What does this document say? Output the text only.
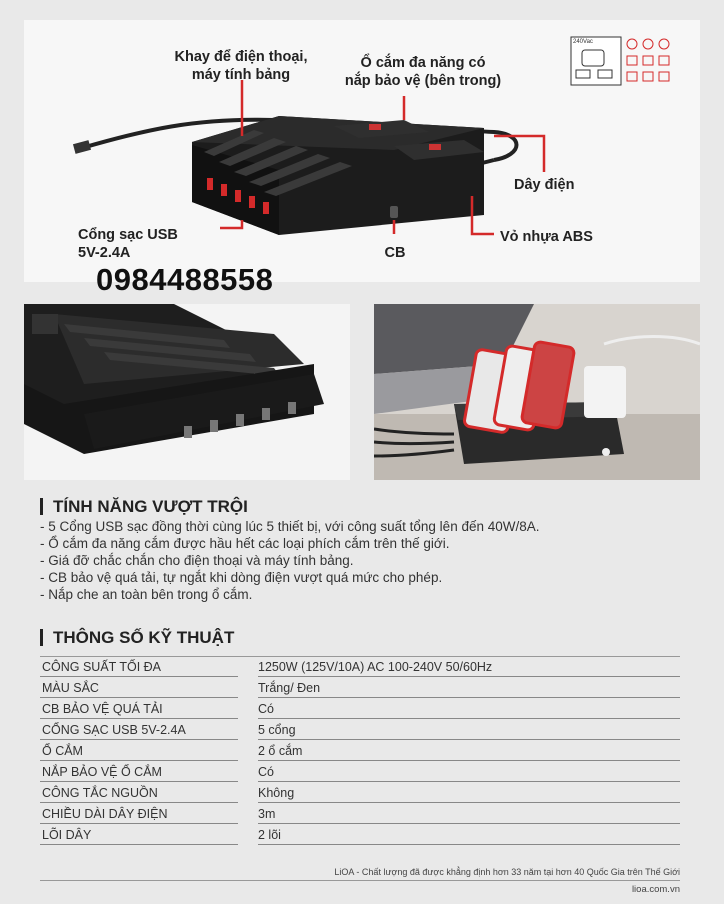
Khay để điện thoại,
máy tính bảng
Ổ cắm đa năng có
nắp bảo vệ (bên trong)
Dây điện
Cổng sạc USB
5V-2.4A	CB
Vỏ nhựa ABS
240Vac
0984488558
TÍNH NĂNG VƯỢT TRỘI
- 5 Cổng USB sạc đồng thời cùng lúc 5 thiết bị, với công suất tổng lên đến 40W/8A.
- Ổ cắm đa năng cắm được hầu hết các loại phích cắm trên thế giới.
- Giá đỡ chắc chắn cho điện thoại và máy tính bảng.
- CB bảo vệ quá tải, tự ngắt khi dòng điện vượt quá mức cho phép.
- Nắp che an toàn bên trong ổ cắm.
THÔNG SỐ KỸ THUẬT
CÔNG SUẤT TỐI ĐA	1250W (125V/10A) AC 100-240V 50/60Hz
MÀU SẮC	Trắng/ Đen
CB BẢO VỆ QUÁ TẢI	Có
CỔNG SẠC USB 5V-2.4A	5 cổng
Ổ CẮM	2 ổ cắm
NẮP BẢO VỆ Ổ CẮM	Có
CÔNG TẮC NGUỒN	Không
CHIỀU DÀI DÂY ĐIỆN	3m
LÕI DÂY	2 lõi
LiOA - Chất lượng đã được khẳng định hơn 33 năm tại hơn 40 Quốc Gia trên Thế Giới
lioa.com.vn
